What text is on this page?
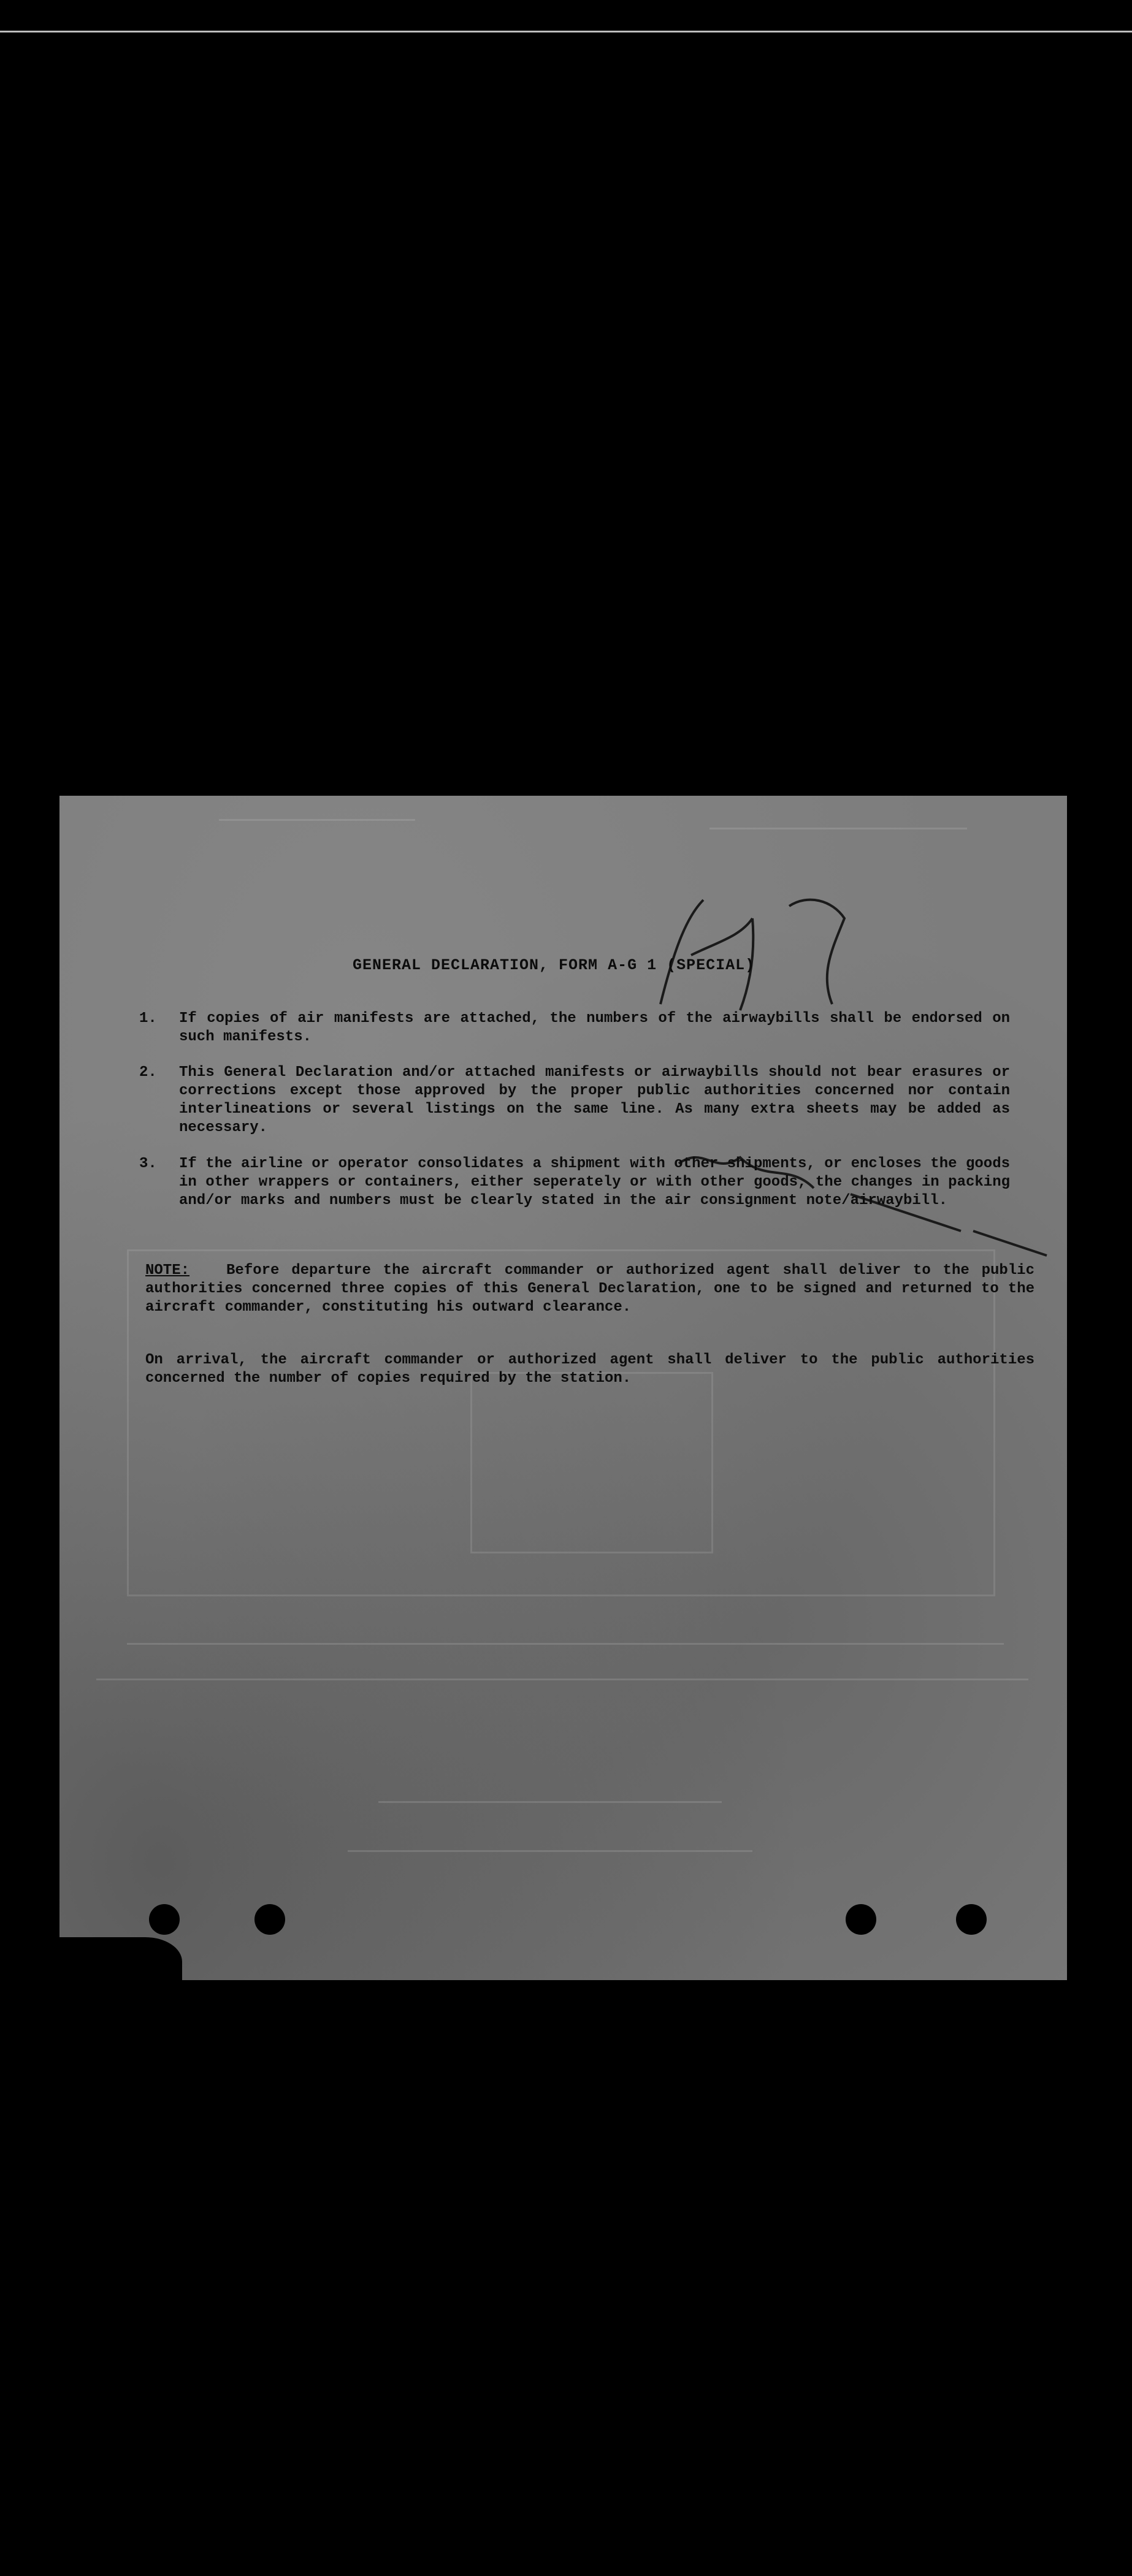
GENERAL DECLARATION, FORM A-G 1 (SPECIAL)
1. If copies of air manifests are attached, the numbers of the airwaybills shall be endorsed on such manifests.
2. This General Declaration and/or attached manifests or airwaybills should not bear erasures or corrections except those approved by the proper public authorities concerned nor contain interlineations or several listings on the same line. As many extra sheets may be added as necessary.
3. If the airline or operator consolidates a shipment with other shipments, or encloses the goods in other wrappers or containers, either seperately or with other goods, the changes in packing and/or marks and numbers must be clearly stated in the air consignment note/airwaybill.
NOTE:	Before departure the aircraft commander or authorized agent shall deliver to the public authorities concerned three copies of this General Declaration, one to be signed and returned to the aircraft commander, constituting his outward clearance.
On arrival, the aircraft commander or authorized agent shall deliver to the public authorities concerned the number of copies required by the station.
